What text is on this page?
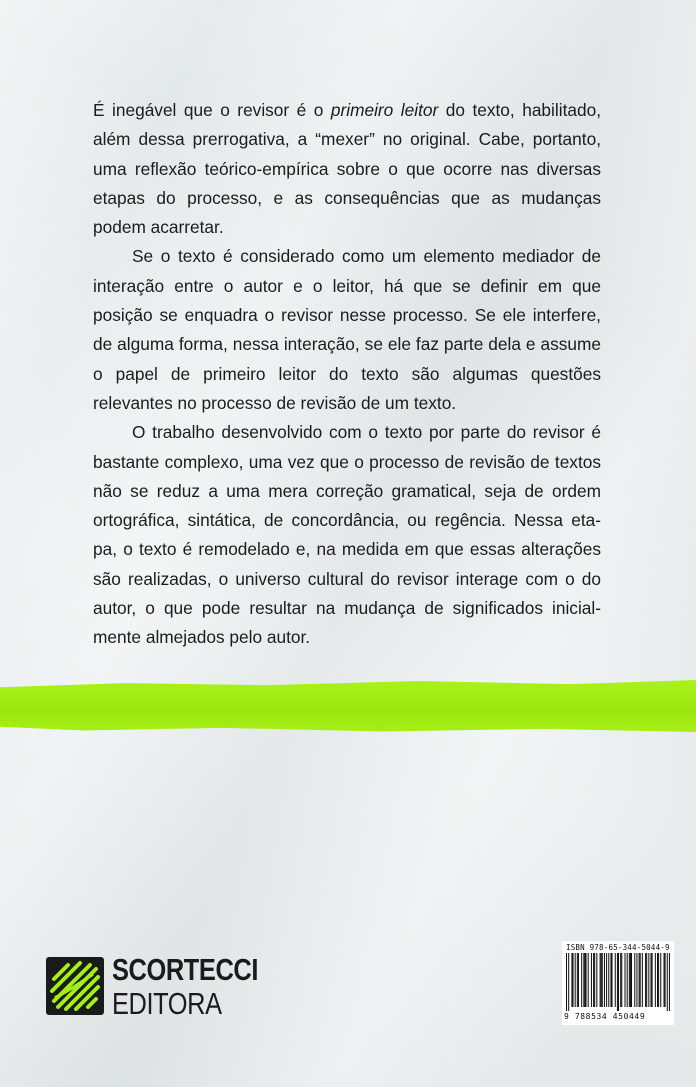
É inegável que o revisor é o primeiro leitor do texto, habilitado, além dessa prerrogativa, a “mexer” no original. Cabe, portanto, uma reflexão teórico-empírica sobre o que ocorre nas diversas etapas do processo, e as consequências que as mudanças podem acarretar.

Se o texto é considerado como um elemento mediador de interação entre o autor e o leitor, há que se definir em que posição se enquadra o revisor nesse processo. Se ele interfere, de alguma forma, nessa interação, se ele faz parte dela e assume o papel de primeiro leitor do texto são algumas questões relevantes no processo de revisão de um texto.

O trabalho desenvolvido com o texto por parte do revisor é bastante complexo, uma vez que o processo de revisão de textos não se reduz a uma mera correção gramatical, seja de ordem ortográfica, sintática, de concordância, ou regência. Nessa eta-pa, o texto é remodelado e, na medida em que essas alterações são realizadas, o universo cultural do revisor interage com o do autor, o que pode resultar na mudança de significados inicial-mente almejados pelo autor.

SCORTECCI
EDITORA
ISBN 978-65-344-5044-9
9 788534 450449
